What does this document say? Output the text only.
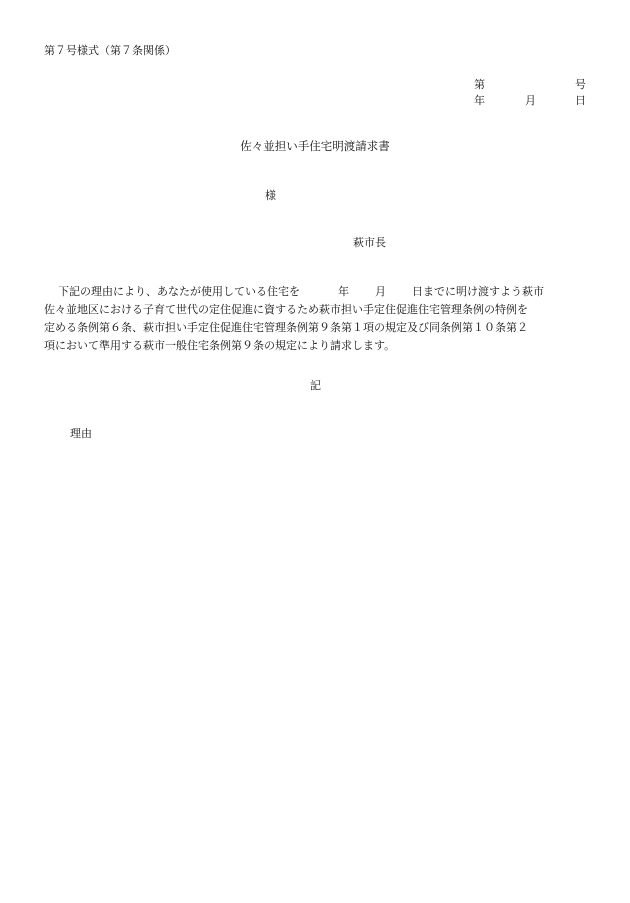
第７号様式（第７条関係）
第	号
年	月	日
佐々並担い手住宅明渡請求書
様
萩市長
下記の理由により、あなたが使用している住宅を	年 月 日までに明け渡すよう萩市
佐々並地区における子育て世代の定住促進に資するため萩市担い手定住促進住宅管理条例の特例を
定める条例第６条、萩市担い手定住促進住宅管理条例第９条第１項の規定及び同条例第１０条第２
項において準用する萩市一般住宅条例第９条の規定により請求します。
記
理由
